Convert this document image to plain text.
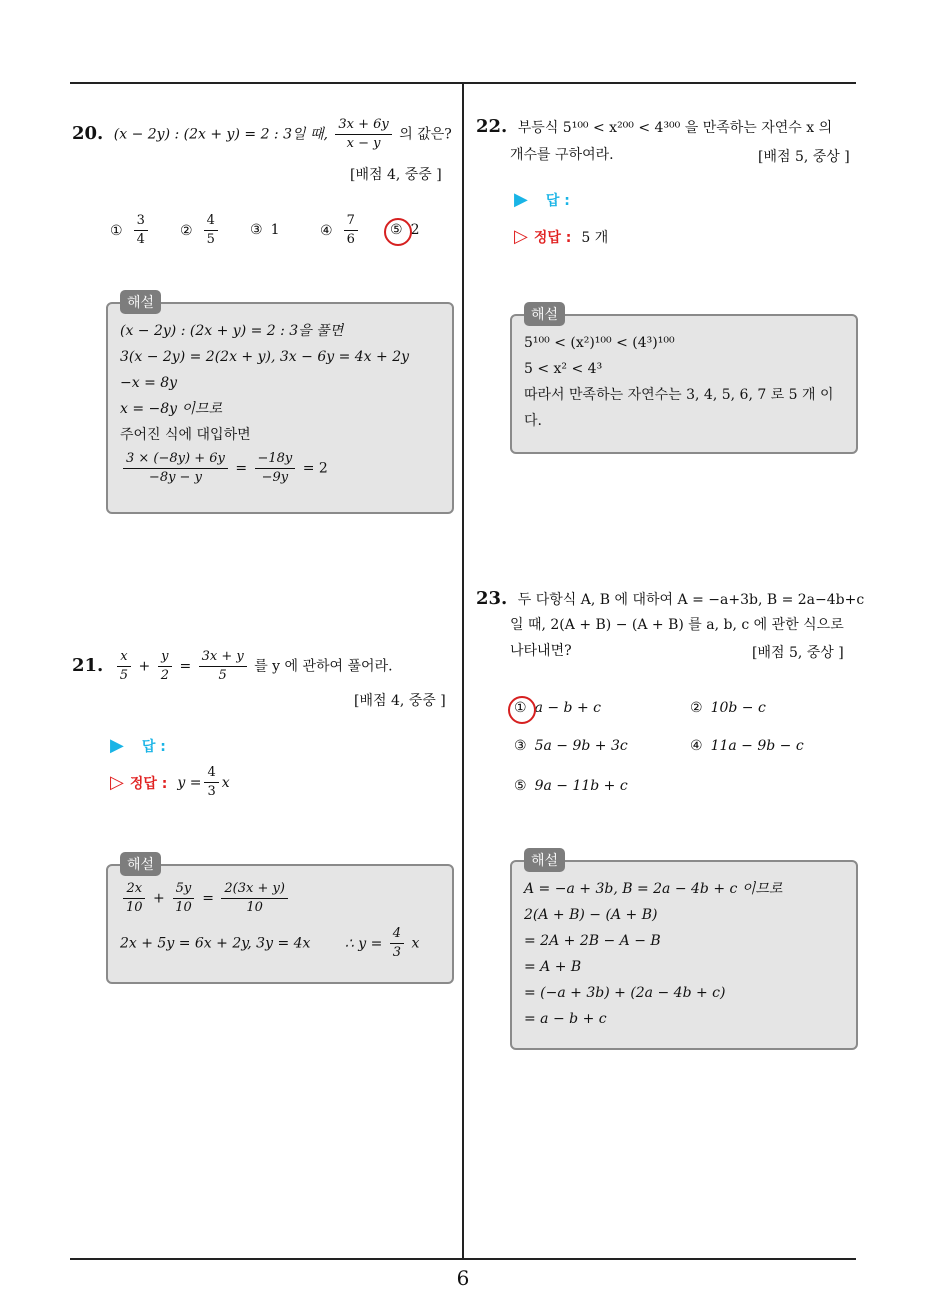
6
20. (x − 2y) : (2x + y) = 2 : 3일 때, $\frac{3x + 6y}{x - y}$ 의 값은?
[배점 4, 중중 ]
① $\frac{3}{4}$ ② $\frac{4}{5}$ ③ 1	④ $\frac{7}{6}$ ⑤ 2
(x − 2y) : (2x + y) = 2 : 3을 풀면
3(x − 2y) = 2(2x + y), 3x − 6y = 4x + 2y
−x = 8y
x = −8y 이므로
주어진 식에 대입하면
$\frac{3 \times (-8y) + 6y}{-8y - y} = \frac{-18y}{-9y} = 2$
해설
21. $\frac{x}{5} + \frac{y}{2} = \frac{3x + y}{5}$ 를 y 에 관하여 풀어라.
[배점 4, 중중 ]
▶ 답 :
▷ 정답 : $y = \frac{4}{3}$ x
$\frac{2x}{10} + \frac{5y}{10} = \frac{2(3x + y)}{10}$
2x + 5y = 6x + 2y, 3y = 4x ∴ $y = \frac{4}{3}$ x
해설
22. 부등식 5¹⁰⁰ < x²⁰⁰ < 4³⁰⁰ 을 만족하는 자연수 x 의
개수를 구하여라.	[배점 5, 중상 ]
▶ 답 :
▷ 정답 : 5 개
5¹⁰⁰ < (x²)¹⁰⁰ < (4³)¹⁰⁰
5 < x² < 4³
따라서 만족하는 자연수는 3, 4, 5, 6, 7 로 5 개 이
다.
해설
23. 두 다항식 A, B 에 대하여 A = −a+3b, B = 2a−4b+c
일 때, 2(A + B) − (A + B) 를 a, b, c 에 관한 식으로
나타내면?	[배점 5, 중상 ]
① a − b + c	② 10b − c
③ 5a − 9b + 3c	④ 11a − 9b − c
⑤ 9a − 11b + c
A = −a + 3b, B = 2a − 4b + c 이므로
2(A + B) − (A + B)
= 2A + 2B − A − B
= A + B
= (−a + 3b) + (2a − 4b + c)
= a − b + c
해설
